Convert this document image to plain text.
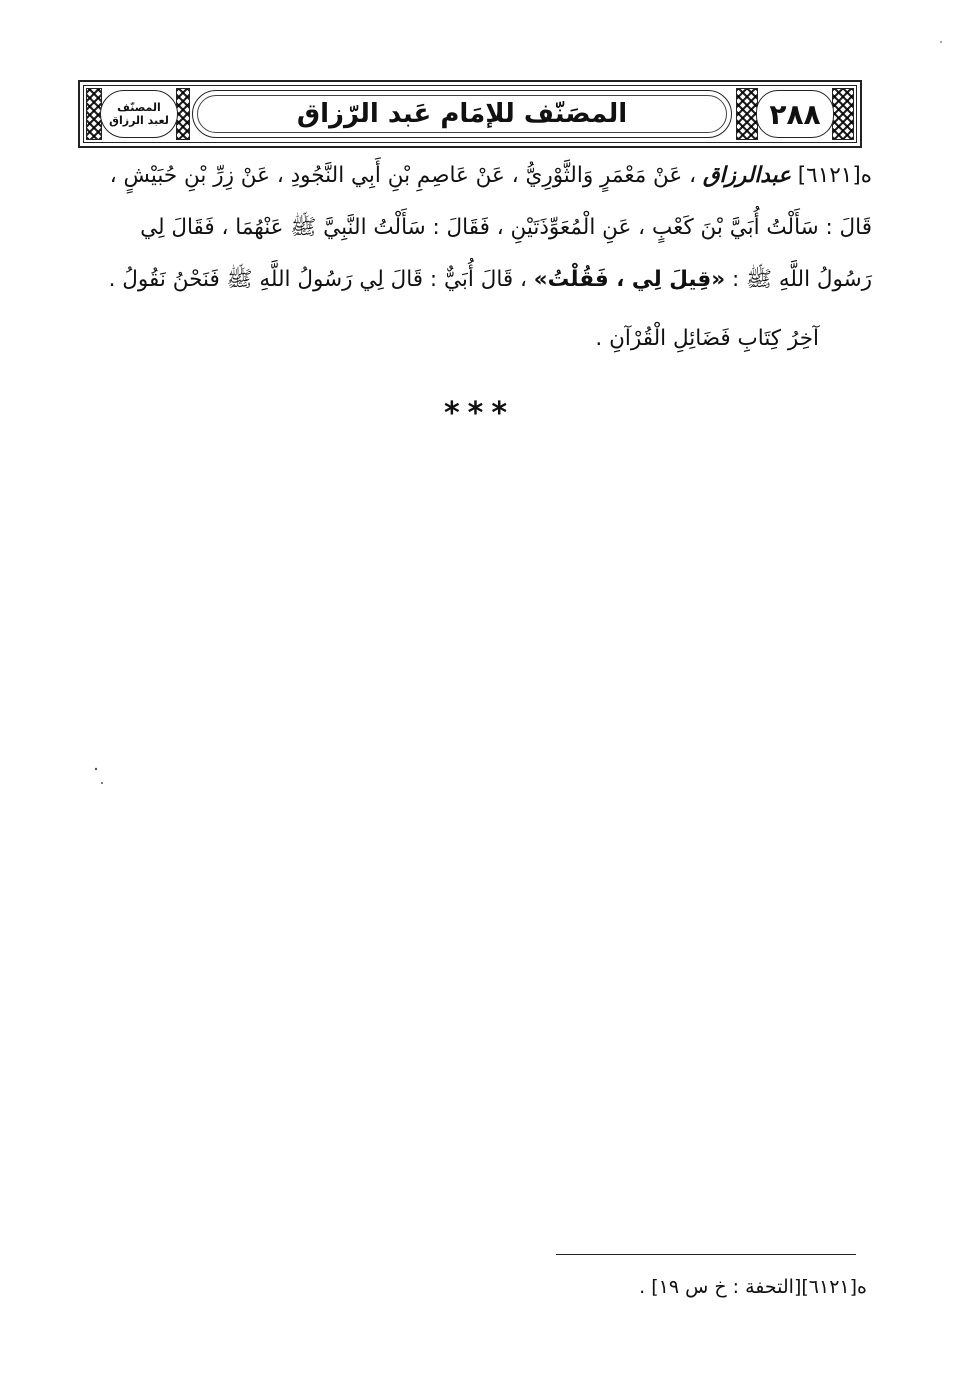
٢٨٨
المصَنّف للإمَام عَبد الرّزاق
المصنّف
لعبد الرزاق
ه[٦١٢١] عبدالرزاق ، عَنْ مَعْمَرٍ وَالثَّوْرِيُّ ، عَنْ عَاصِمِ بْنِ أَبِي النَّجُودِ ، عَنْ زِرِّ بْنِ حُبَيْشٍ ،
قَالَ : سَأَلْتُ أُبَيَّ بْنَ كَعْبٍ ، عَنِ الْمُعَوِّذَتَيْنِ ، فَقَالَ : سَأَلْتُ النَّبِيَّ ﷺ عَنْهُمَا ، فَقَالَ لِي
رَسُولُ اللَّهِ ﷺ : «قِيلَ لِي ، فَقُلْتُ» ، قَالَ أُبَيٌّ : قَالَ لِي رَسُولُ اللَّهِ ﷺ فَنَحْنُ نَقُولُ .
آخِرُ كِتَابِ فَضَائِلِ الْقُرْآنِ .
***
ه[٦١٢١][التحفة : خ س ١٩] .
